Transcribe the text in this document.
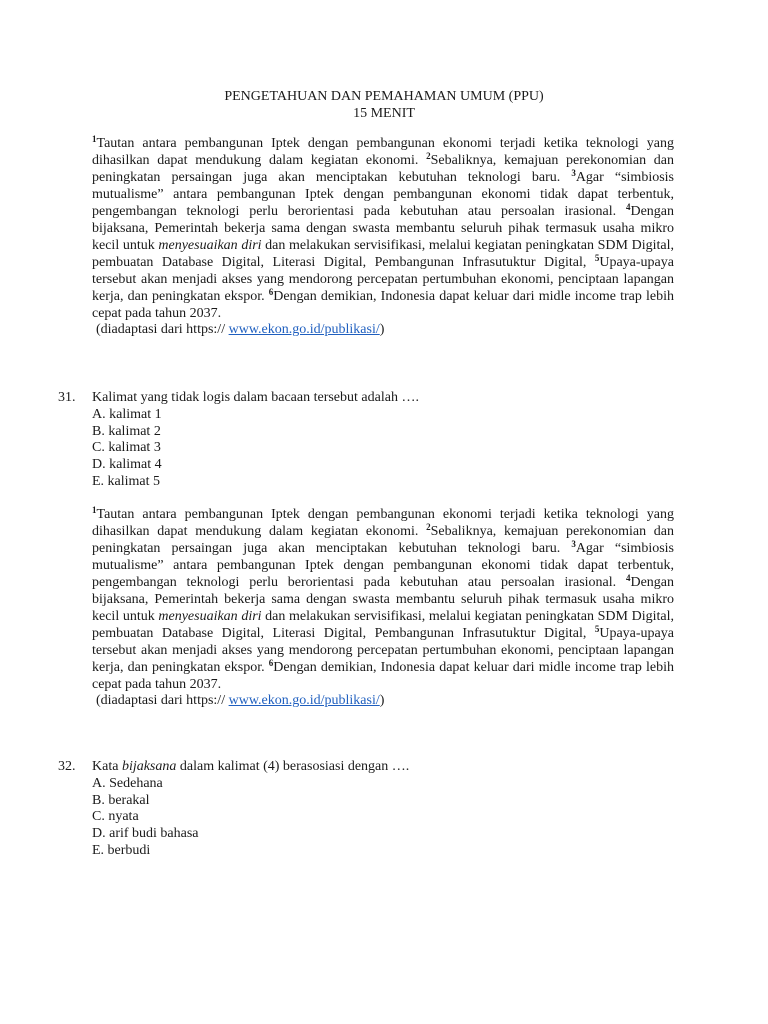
PENGETAHUAN DAN PEMAHAMAN UMUM (PPU)
15 MENIT
$^1$Tautan antara pembangunan Iptek dengan pembangunan ekonomi terjadi ketika teknologi yang dihasilkan dapat mendukung dalam kegiatan ekonomi. $^2$Sebaliknya, kemajuan perekonomian dan peningkatan persaingan juga akan menciptakan kebutuhan teknologi baru. $^3$Agar “simbiosis mutualisme” antara pembangunan Iptek dengan pembangunan ekonomi tidak dapat terbentuk, pengembangan teknologi perlu berorientasi pada kebutuhan atau persoalan irasional. $^4$Dengan bijaksana, Pemerintah bekerja sama dengan swasta membantu seluruh pihak termasuk usaha mikro kecil untuk menyesuaikan diri dan melakukan servisifikasi, melalui kegiatan peningkatan SDM Digital, pembuatan Database Digital, Literasi Digital, Pembangunan Infrasutuktur Digital, $^5$Upaya-upaya tersebut akan menjadi akses yang mendorong percepatan pertumbuhan ekonomi, penciptaan lapangan kerja, dan peningkatan ekspor. $^6$Dengan demikian, Indonesia dapat keluar dari midle income trap lebih cepat pada tahun 2037.
(diadaptasi dari https:// www.ekon.go.id/publikasi/)
31. Kalimat yang tidak logis dalam bacaan tersebut adalah ….
A. kalimat 1
B. kalimat 2
C. kalimat 3
D. kalimat 4
E. kalimat 5
$^1$Tautan antara pembangunan Iptek dengan pembangunan ekonomi terjadi ketika teknologi yang dihasilkan dapat mendukung dalam kegiatan ekonomi. $^2$Sebaliknya, kemajuan perekonomian dan peningkatan persaingan juga akan menciptakan kebutuhan teknologi baru. $^3$Agar “simbiosis mutualisme” antara pembangunan Iptek dengan pembangunan ekonomi tidak dapat terbentuk, pengembangan teknologi perlu berorientasi pada kebutuhan atau persoalan irasional. $^4$Dengan bijaksana, Pemerintah bekerja sama dengan swasta membantu seluruh pihak termasuk usaha mikro kecil untuk menyesuaikan diri dan melakukan servisifikasi, melalui kegiatan peningkatan SDM Digital, pembuatan Database Digital, Literasi Digital, Pembangunan Infrasutuktur Digital, $^5$Upaya-upaya tersebut akan menjadi akses yang mendorong percepatan pertumbuhan ekonomi, penciptaan lapangan kerja, dan peningkatan ekspor. $^6$Dengan demikian, Indonesia dapat keluar dari midle income trap lebih cepat pada tahun 2037.
(diadaptasi dari https:// www.ekon.go.id/publikasi/)
32. Kata bijaksana dalam kalimat (4) berasosiasi dengan ….
A. Sedehana
B. berakal
C. nyata
D. arif budi bahasa
E. berbudi
